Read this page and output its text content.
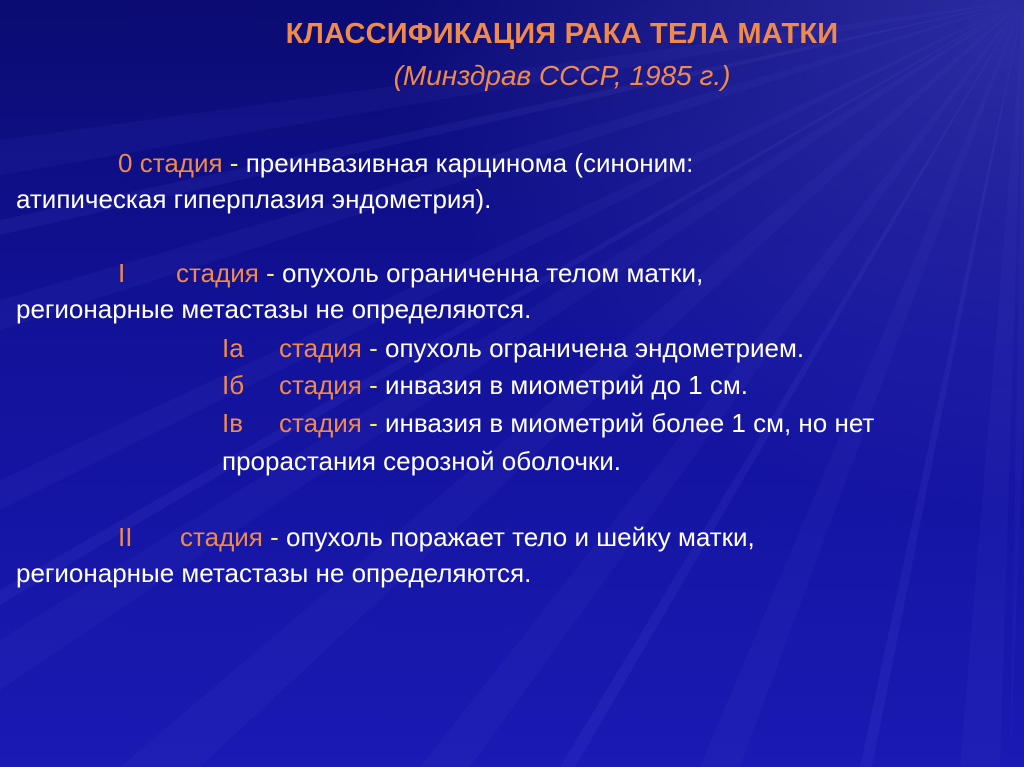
КЛАССИФИКАЦИЯ РАКА ТЕЛА МАТКИ
(Минздрав СССР, 1985 г.)
0 стадия - преинвазивная карцинома (синоним:
атипическая гиперплазия эндометрия).
I стадия - опухоль ограниченна телом матки,
регионарные метастазы не определяются.
Iа стадия - опухоль ограничена эндометрием.
Iб стадия - инвазия в миометрий до 1 см.
Iв стадия - инвазия в миометрий более 1 см, но нет
прорастания серозной оболочки.
II стадия - опухоль поражает тело и шейку матки,
регионарные метастазы не определяются.
